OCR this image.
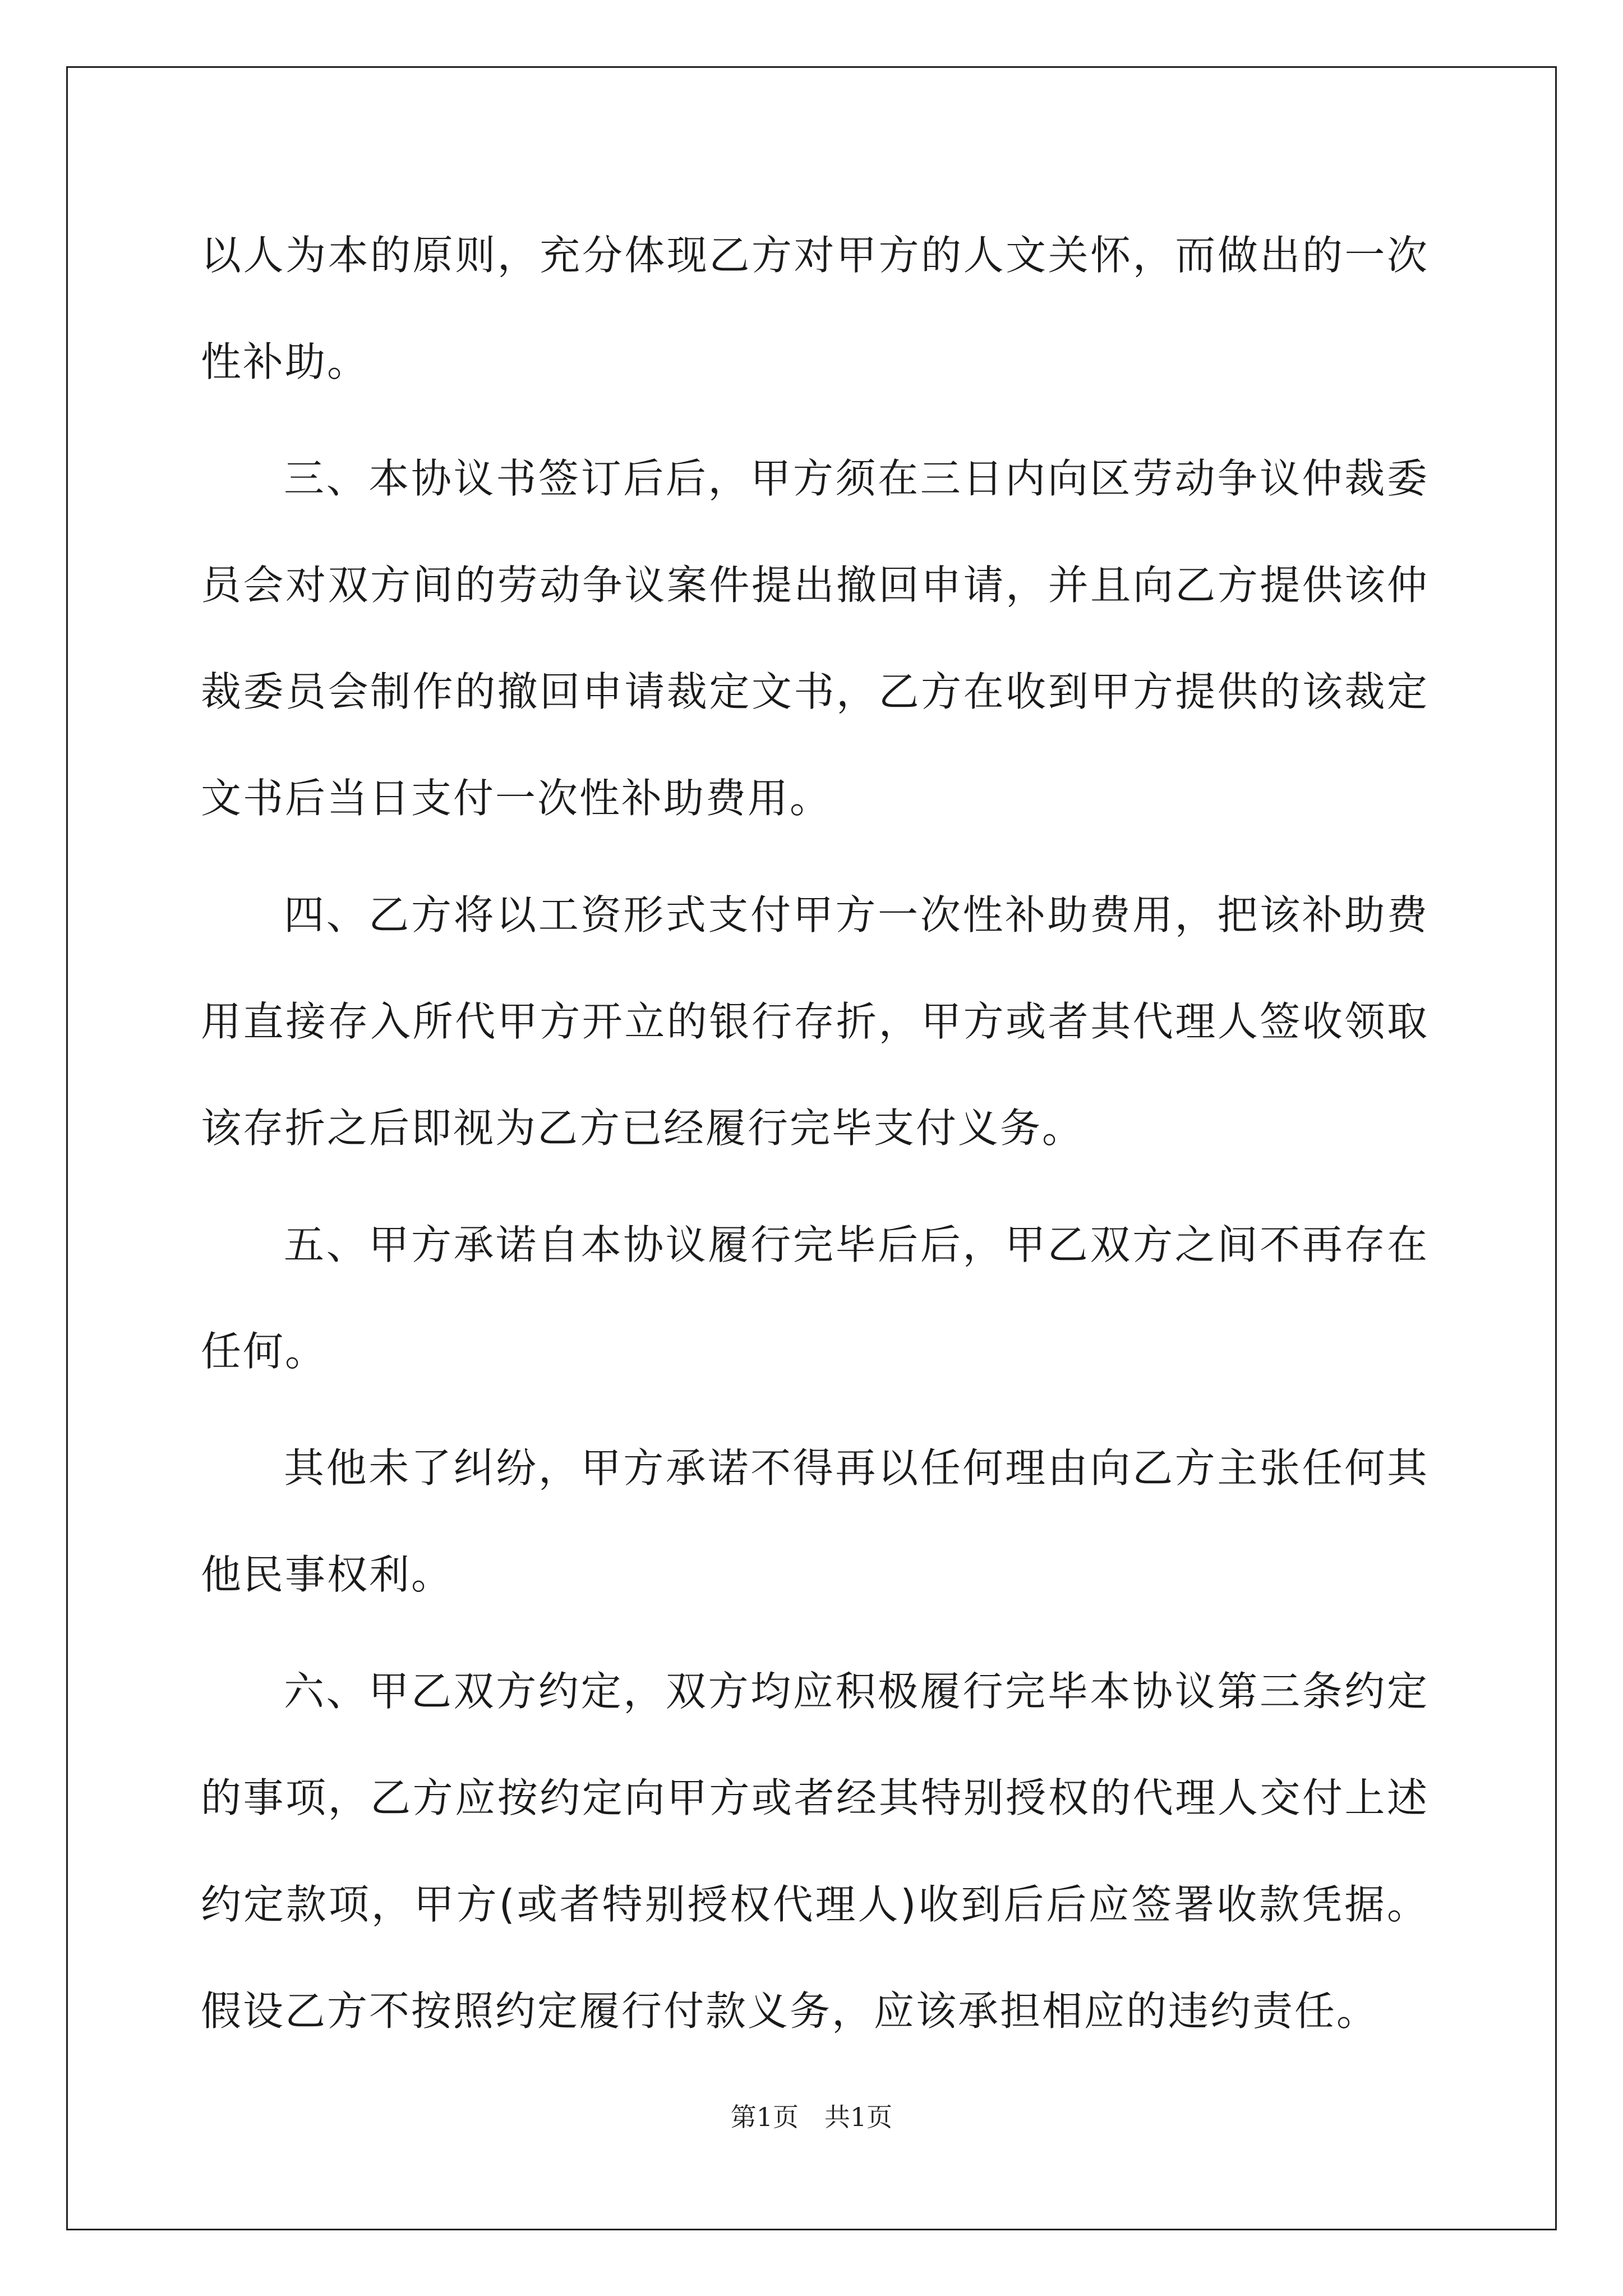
以人为本的原则，充分体现乙方对甲方的人文关怀，而做出的一次性补助。

三、本协议书签订后后，甲方须在三日内向区劳动争议仲裁委员会对双方间的劳动争议案件提出撤回申请，并且向乙方提供该仲裁委员会制作的撤回申请裁定文书，乙方在收到甲方提供的该裁定文书后当日支付一次性补助费用。

四、乙方将以工资形式支付甲方一次性补助费用，把该补助费用直接存入所代甲方开立的银行存折，甲方或者其代理人签收领取该存折之后即视为乙方已经履行完毕支付义务。

五、甲方承诺自本协议履行完毕后后，甲乙双方之间不再存在任何。

其他未了纠纷，甲方承诺不得再以任何理由向乙方主张任何其他民事权利。

六、甲乙双方约定，双方均应积极履行完毕本协议第三条约定的事项，乙方应按约定向甲方或者经其特别授权的代理人交付上述约定款项，甲方(或者特别授权代理人)收到后后应签署收款凭据。假设乙方不按照约定履行付款义务，应该承担相应的违约责任。

第1页 共1页
